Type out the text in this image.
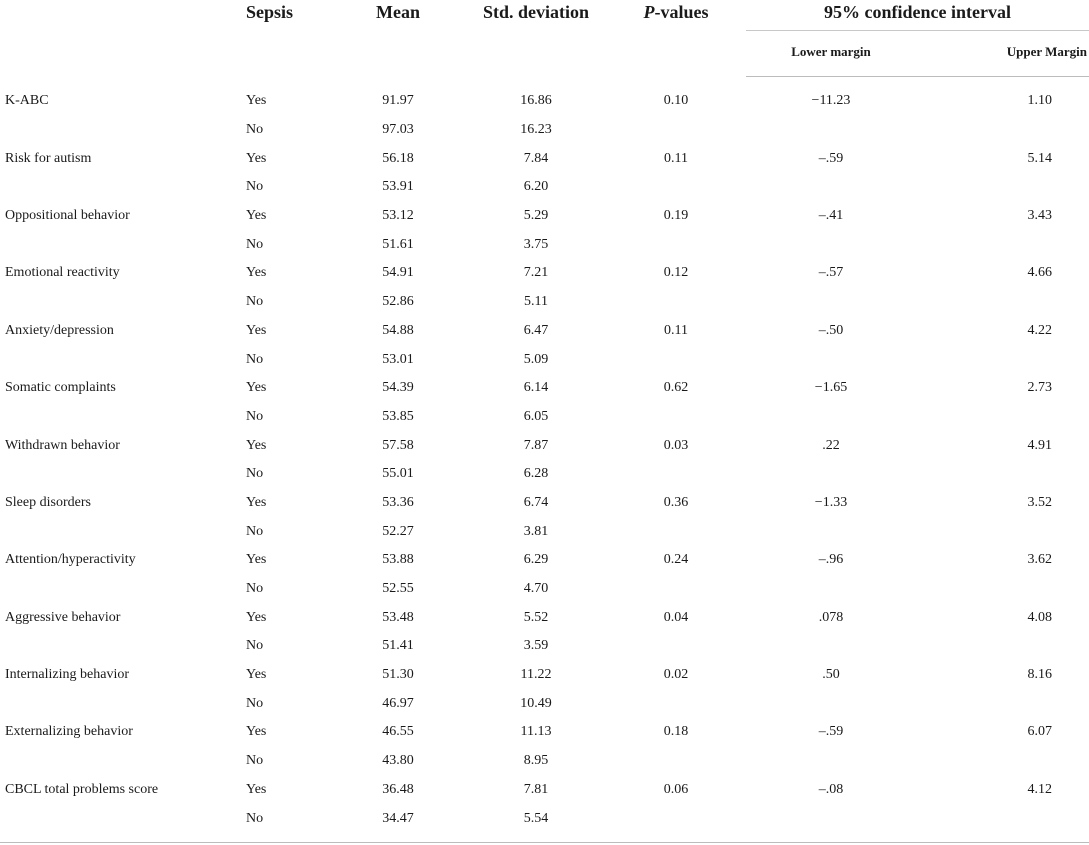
	Sepsis	Mean	Std. deviation	P-values	95% confidence interval	
					Lower margin	Upper Margin

K-ABC	Yes	91.97	16.86	0.10	−11.23	1.10
	No	97.03	16.23			
Risk for autism	Yes	56.18	7.84	0.11	–.59	5.14
	No	53.91	6.20			
Oppositional behavior	Yes	53.12	5.29	0.19	–.41	3.43
	No	51.61	3.75			
Emotional reactivity	Yes	54.91	7.21	0.12	–.57	4.66
	No	52.86	5.11			
Anxiety/depression	Yes	54.88	6.47	0.11	–.50	4.22
	No	53.01	5.09			
Somatic complaints	Yes	54.39	6.14	0.62	−1.65	2.73
	No	53.85	6.05			
Withdrawn behavior	Yes	57.58	7.87	0.03	.22	4.91
	No	55.01	6.28			
Sleep disorders	Yes	53.36	6.74	0.36	−1.33	3.52
	No	52.27	3.81			
Attention/hyperactivity	Yes	53.88	6.29	0.24	–.96	3.62
	No	52.55	4.70			
Aggressive behavior	Yes	53.48	5.52	0.04	.078	4.08
	No	51.41	3.59			
Internalizing behavior	Yes	51.30	11.22	0.02	.50	8.16
	No	46.97	10.49			
Externalizing behavior	Yes	46.55	11.13	0.18	–.59	6.07
	No	43.80	8.95			
CBCL total problems score	Yes	36.48	7.81	0.06	–.08	4.12
	No	34.47	5.54			
